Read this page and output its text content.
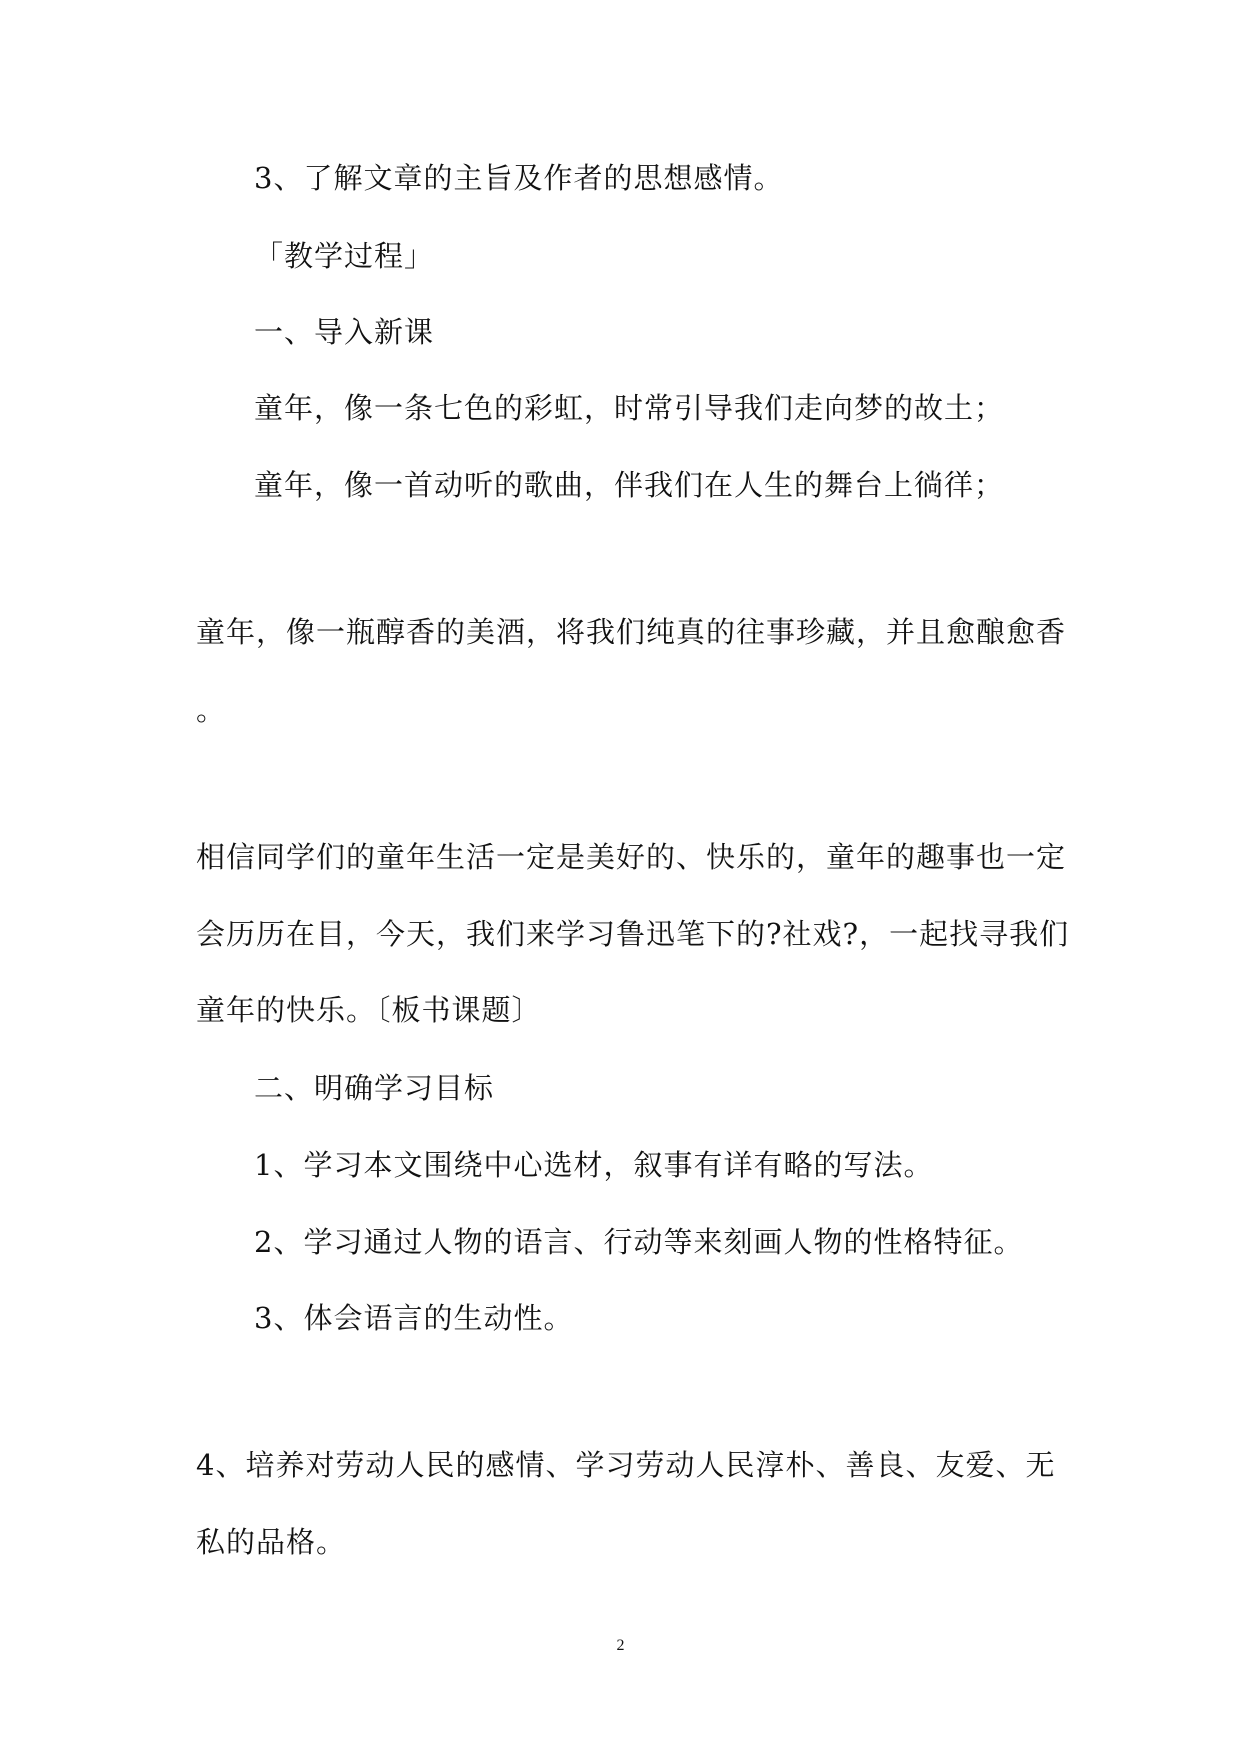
3、了解文章的主旨及作者的思想感情。
「教学过程」
一、导入新课
童年，像一条七色的彩虹，时常引导我们走向梦的故土；
童年，像一首动听的歌曲，伴我们在人生的舞台上徜徉；
童年，像一瓶醇香的美酒，将我们纯真的往事珍藏，并且愈酿愈香
。
相信同学们的童年生活一定是美好的、快乐的，童年的趣事也一定
会历历在目，今天，我们来学习鲁迅笔下的?社戏?，一起找寻我们
童年的快乐。〔板书课题〕
二、明确学习目标
1、学习本文围绕中心选材，叙事有详有略的写法。
2、学习通过人物的语言、行动等来刻画人物的性格特征。
3、体会语言的生动性。
4、培养对劳动人民的感情、学习劳动人民淳朴、善良、友爱、无
私的品格。
2
